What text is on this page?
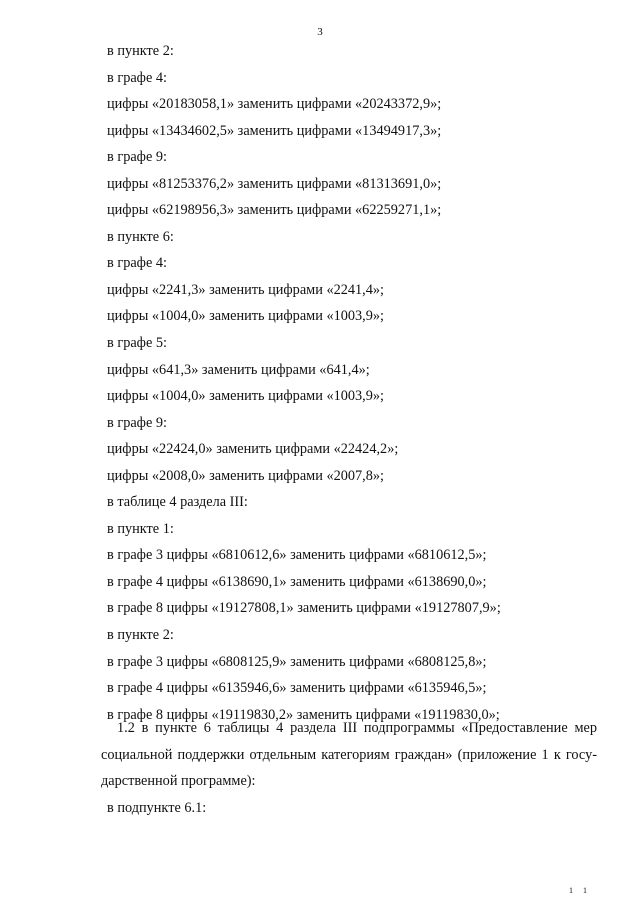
3
в пункте 2:
в графе 4:
цифры «20183058,1» заменить цифрами «20243372,9»;
цифры «13434602,5» заменить цифрами «13494917,3»;
в графе 9:
цифры «81253376,2» заменить цифрами «81313691,0»;
цифры «62198956,3» заменить цифрами «62259271,1»;
в пункте 6:
в графе 4:
цифры «2241,3» заменить цифрами «2241,4»;
цифры «1004,0» заменить цифрами «1003,9»;
в графе 5:
цифры «641,3» заменить цифрами «641,4»;
цифры «1004,0» заменить цифрами «1003,9»;
в графе 9:
цифры «22424,0» заменить цифрами «22424,2»;
цифры «2008,0» заменить цифрами «2007,8»;
в таблице 4 раздела III:
в пункте 1:
в графе 3 цифры «6810612,6» заменить цифрами «6810612,5»;
в графе 4 цифры «6138690,1» заменить цифрами «6138690,0»;
в графе 8 цифры «19127808,1» заменить цифрами «19127807,9»;
в пункте 2:
в графе 3 цифры «6808125,9» заменить цифрами «6808125,8»;
в графе 4 цифры «6135946,6» заменить цифрами «6135946,5»;
в графе 8 цифры «19119830,2» заменить цифрами «19119830,0»;

1.2 в пункте 6 таблицы 4 раздела III подпрограммы «Предоставление мер
социальной поддержки отдельным категориям граждан» (приложение 1 к госу-
дарственной программе):

в подпункте 6.1:
1 1
